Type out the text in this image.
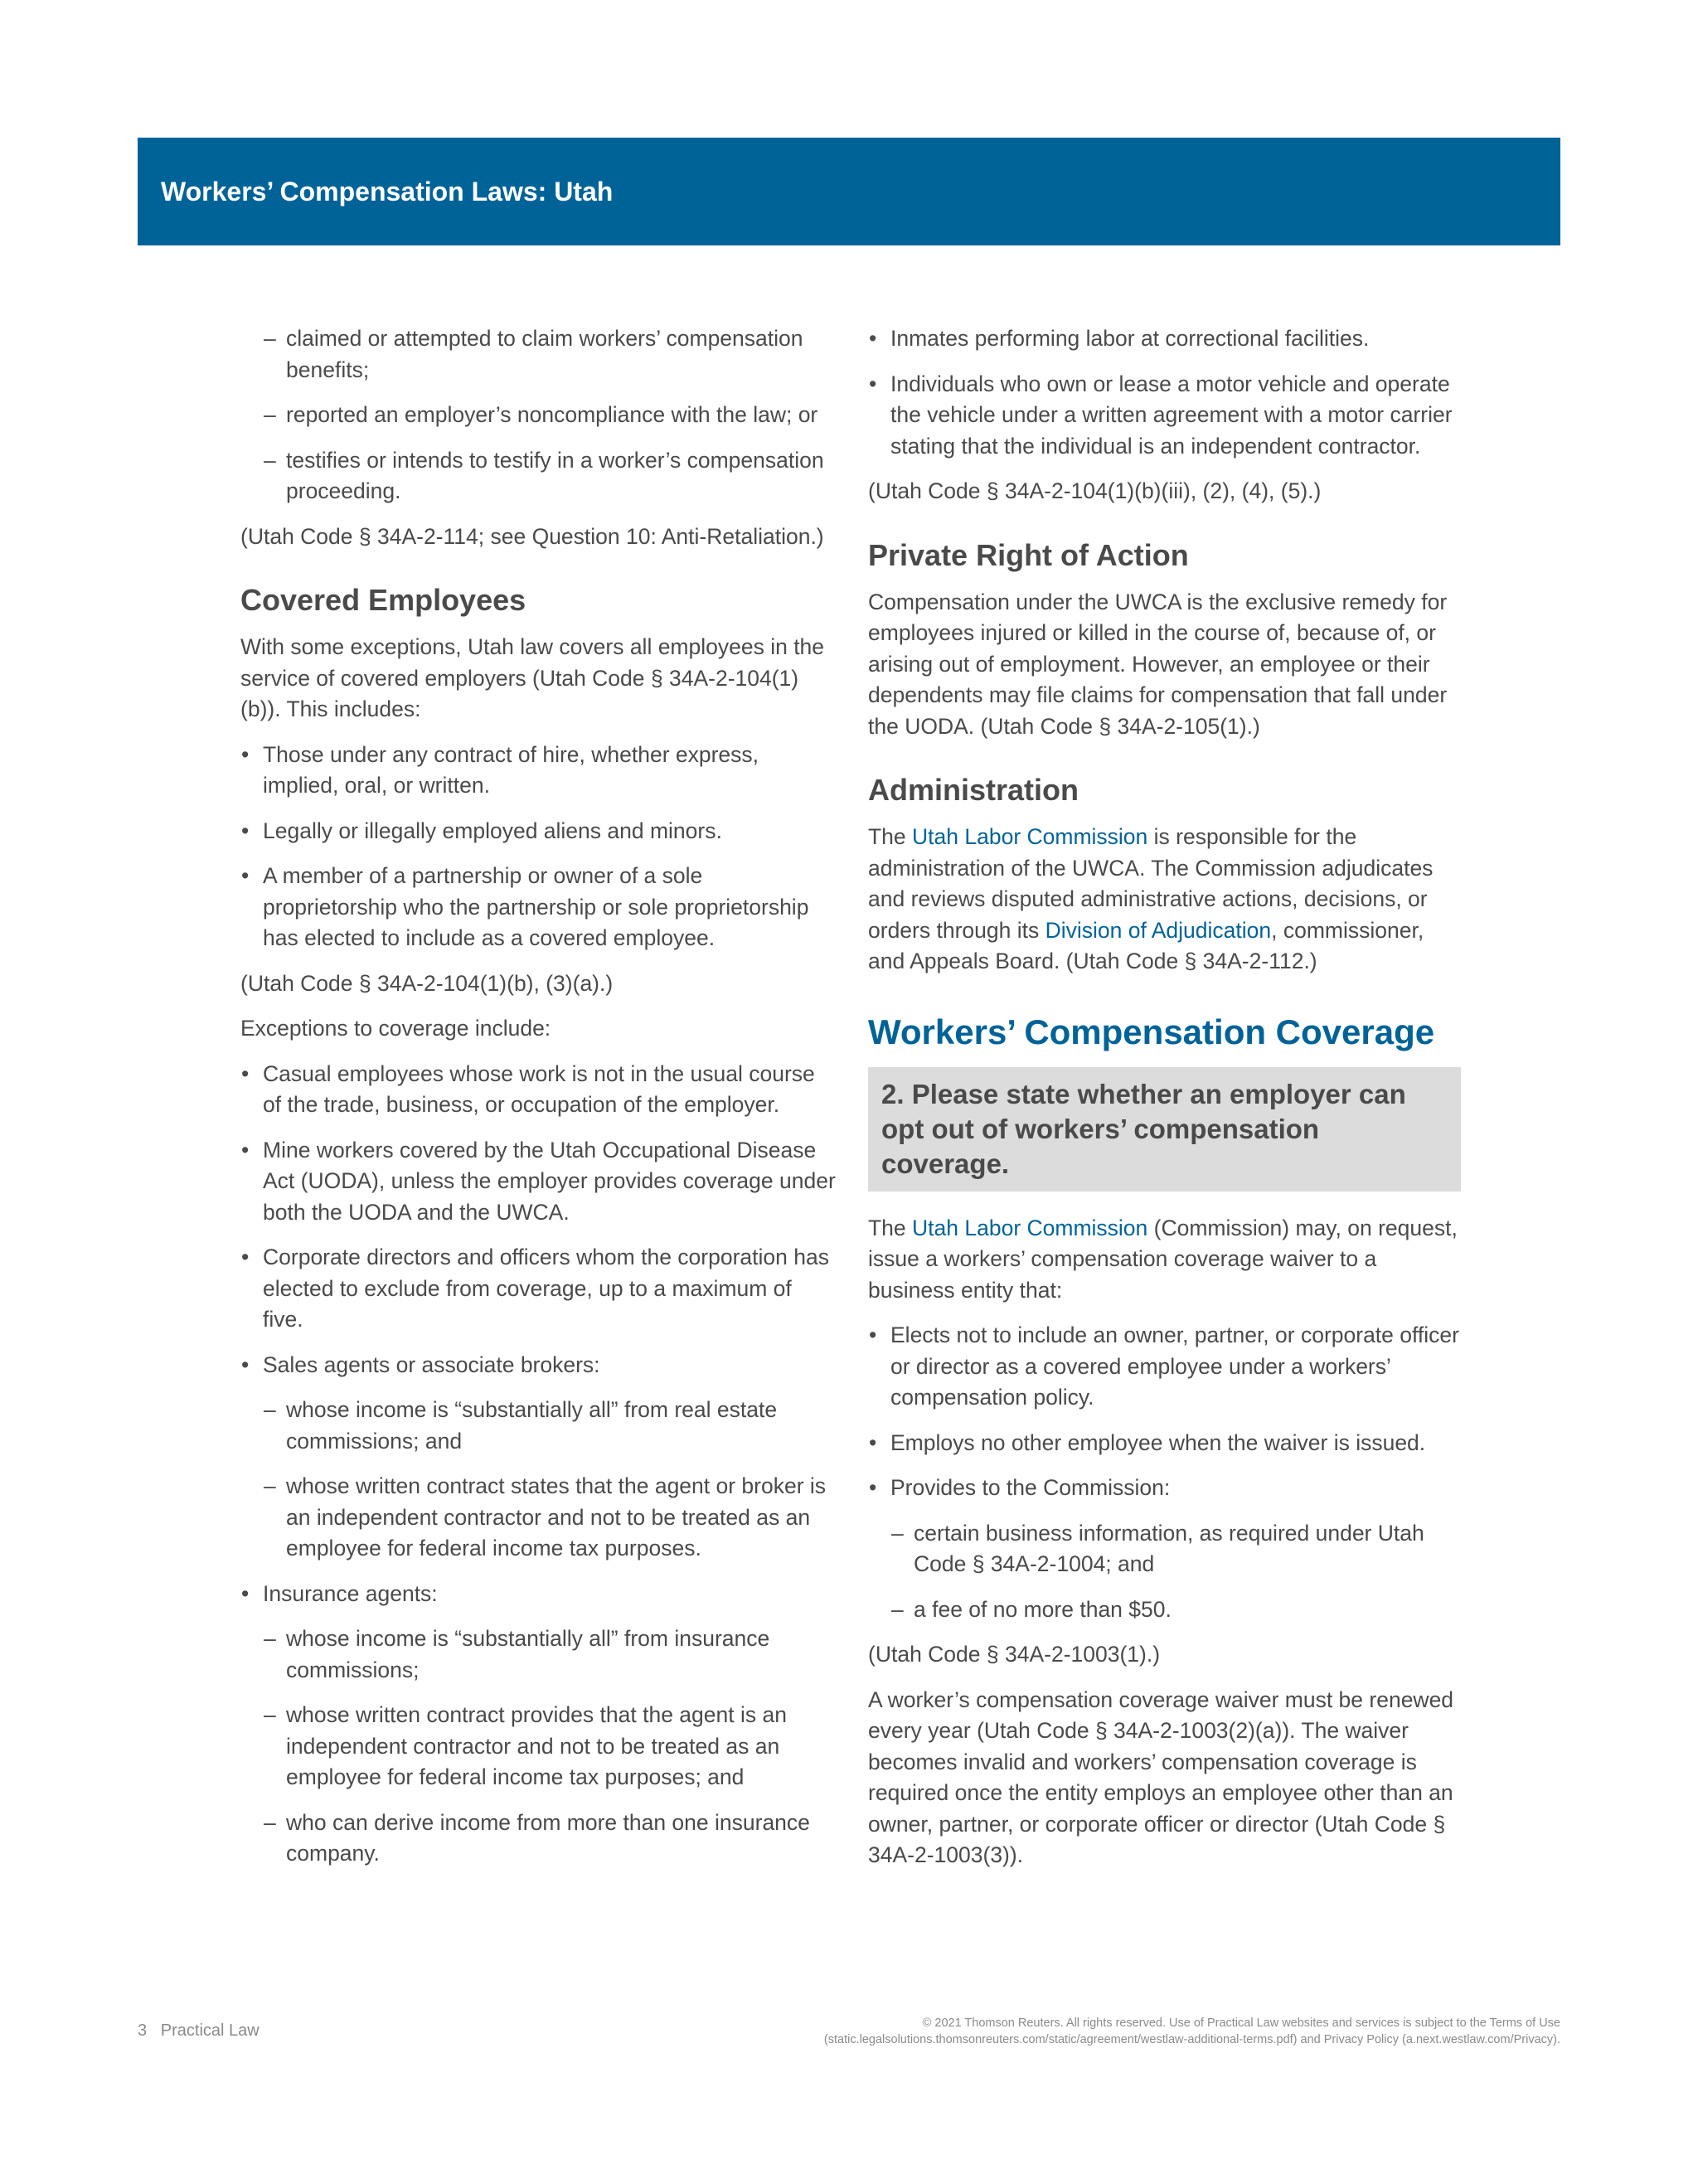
Workers’ Compensation Laws: Utah
– claimed or attempted to claim workers’ compensation benefits;
– reported an employer’s noncompliance with the law; or
– testifies or intends to testify in a worker’s compensation proceeding.

(Utah Code § 34A-2-114; see Question 10: Anti-Retaliation.)

Covered Employees

With some exceptions, Utah law covers all employees in the service of covered employers (Utah Code § 34A-2-104(1)(b)). This includes:

• Those under any contract of hire, whether express, implied, oral, or written.
• Legally or illegally employed aliens and minors.
• A member of a partnership or owner of a sole proprietorship who the partnership or sole proprietorship has elected to include as a covered employee.

(Utah Code § 34A-2-104(1)(b), (3)(a).)

Exceptions to coverage include:

• Casual employees whose work is not in the usual course of the trade, business, or occupation of the employer.
• Mine workers covered by the Utah Occupational Disease Act (UODA), unless the employer provides coverage under both the UODA and the UWCA.
• Corporate directors and officers whom the corporation has elected to exclude from coverage, up to a maximum of five.
• Sales agents or associate brokers:
– whose income is “substantially all” from real estate commissions; and
– whose written contract states that the agent or broker is an independent contractor and not to be treated as an employee for federal income tax purposes.
• Insurance agents:
– whose income is “substantially all” from insurance commissions;
– whose written contract provides that the agent is an independent contractor and not to be treated as an employee for federal income tax purposes; and
– who can derive income from more than one insurance company.
• Inmates performing labor at correctional facilities.
• Individuals who own or lease a motor vehicle and operate the vehicle under a written agreement with a motor carrier stating that the individual is an independent contractor.

(Utah Code § 34A-2-104(1)(b)(iii), (2), (4), (5).)

Private Right of Action

Compensation under the UWCA is the exclusive remedy for employees injured or killed in the course of, because of, or arising out of employment. However, an employee or their dependents may file claims for compensation that fall under the UODA. (Utah Code § 34A-2-105(1).)

Administration

The Utah Labor Commission is responsible for the administration of the UWCA. The Commission adjudicates and reviews disputed administrative actions, decisions, or orders through its Division of Adjudication, commissioner, and Appeals Board. (Utah Code § 34A-2-112.)

Workers’ Compensation Coverage
2. Please state whether an employer can opt out of workers’ compensation coverage.

The Utah Labor Commission (Commission) may, on request, issue a workers’ compensation coverage waiver to a business entity that:

• Elects not to include an owner, partner, or corporate officer or director as a covered employee under a workers’ compensation policy.
• Employs no other employee when the waiver is issued.
• Provides to the Commission:
– certain business information, as required under Utah Code § 34A-2-1004; and
– a fee of no more than $50.

(Utah Code § 34A-2-1003(1).)

A worker’s compensation coverage waiver must be renewed every year (Utah Code § 34A-2-1003(2)(a)). The waiver becomes invalid and workers’ compensation coverage is required once the entity employs an employee other than an owner, partner, or corporate officer or director (Utah Code § 34A-2-1003(3)).

3 Practical Law	© 2021 Thomson Reuters. All rights reserved. Use of Practical Law websites and services is subject to the Terms of Use
(static.legalsolutions.thomsonreuters.com/static/agreement/westlaw-additional-terms.pdf) and Privacy Policy (a.next.westlaw.com/Privacy).
